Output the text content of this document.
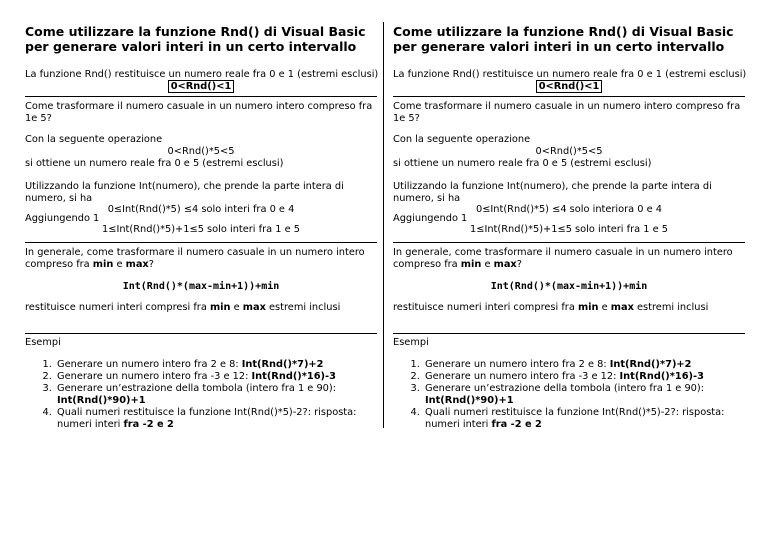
Come utilizzare la funzione Rnd() di Visual Basic per generare valori interi in un certo intervallo
La funzione Rnd() restituisce un numero reale fra 0 e 1 (estremi esclusi)
0<Rnd()<1
Come trasformare il numero casuale in un numero intero compreso fra 1e 5?
Con la seguente operazione
0<Rnd()*5<5
si ottiene un numero reale fra 0 e 5 (estremi esclusi)
Utilizzando la funzione Int(numero), che prende la parte intera di numero, si ha
0≤Int(Rnd()*5) ≤4 solo interi fra 0 e 4
Aggiungendo 1
1≤Int(Rnd()*5)+1≤5 solo interi fra 1 e 5
In generale, come trasformare il numero casuale in un numero intero compreso fra min e max?
Int(Rnd()*(max-min+1))+min
restituisce numeri interi compresi fra min e max estremi inclusi
Esempi
1. Generare un numero intero fra 2 e 8: Int(Rnd()*7)+2
2. Generare un numero intero fra -3 e 12: Int(Rnd()*16)-3
3. Generare un’estrazione della tombola (intero fra 1 e 90): Int(Rnd()*90)+1
4. Quali numeri restituisce la funzione Int(Rnd()*5)-2?: risposta: numeri interi fra -2 e 2
Come utilizzare la funzione Rnd() di Visual Basic per generare valori interi in un certo intervallo
La funzione Rnd() restituisce un numero reale fra 0 e 1 (estremi esclusi)
0<Rnd()<1
Come trasformare il numero casuale in un numero intero compreso fra 1e 5?
Con la seguente operazione
0<Rnd()*5<5
si ottiene un numero reale fra 0 e 5 (estremi esclusi)
Utilizzando la funzione Int(numero), che prende la parte intera di numero, si ha
0≤Int(Rnd()*5) ≤4 solo interiora 0 e 4
Aggiungendo 1
1≤Int(Rnd()*5)+1≤5 solo interi fra 1 e 5
In generale, come trasformare il numero casuale in un numero intero compreso fra min e max?
Int(Rnd()*(max-min+1))+min
restituisce numeri interi compresi fra min e max estremi inclusi
Esempi
1. Generare un numero intero fra 2 e 8: Int(Rnd()*7)+2
2. Generare un numero intero fra -3 e 12: Int(Rnd()*16)-3
3. Generare un’estrazione della tombola (intero fra 1 e 90): Int(Rnd()*90)+1
4. Quali numeri restituisce la funzione Int(Rnd()*5)-2?: risposta: numeri interi fra -2 e 2
